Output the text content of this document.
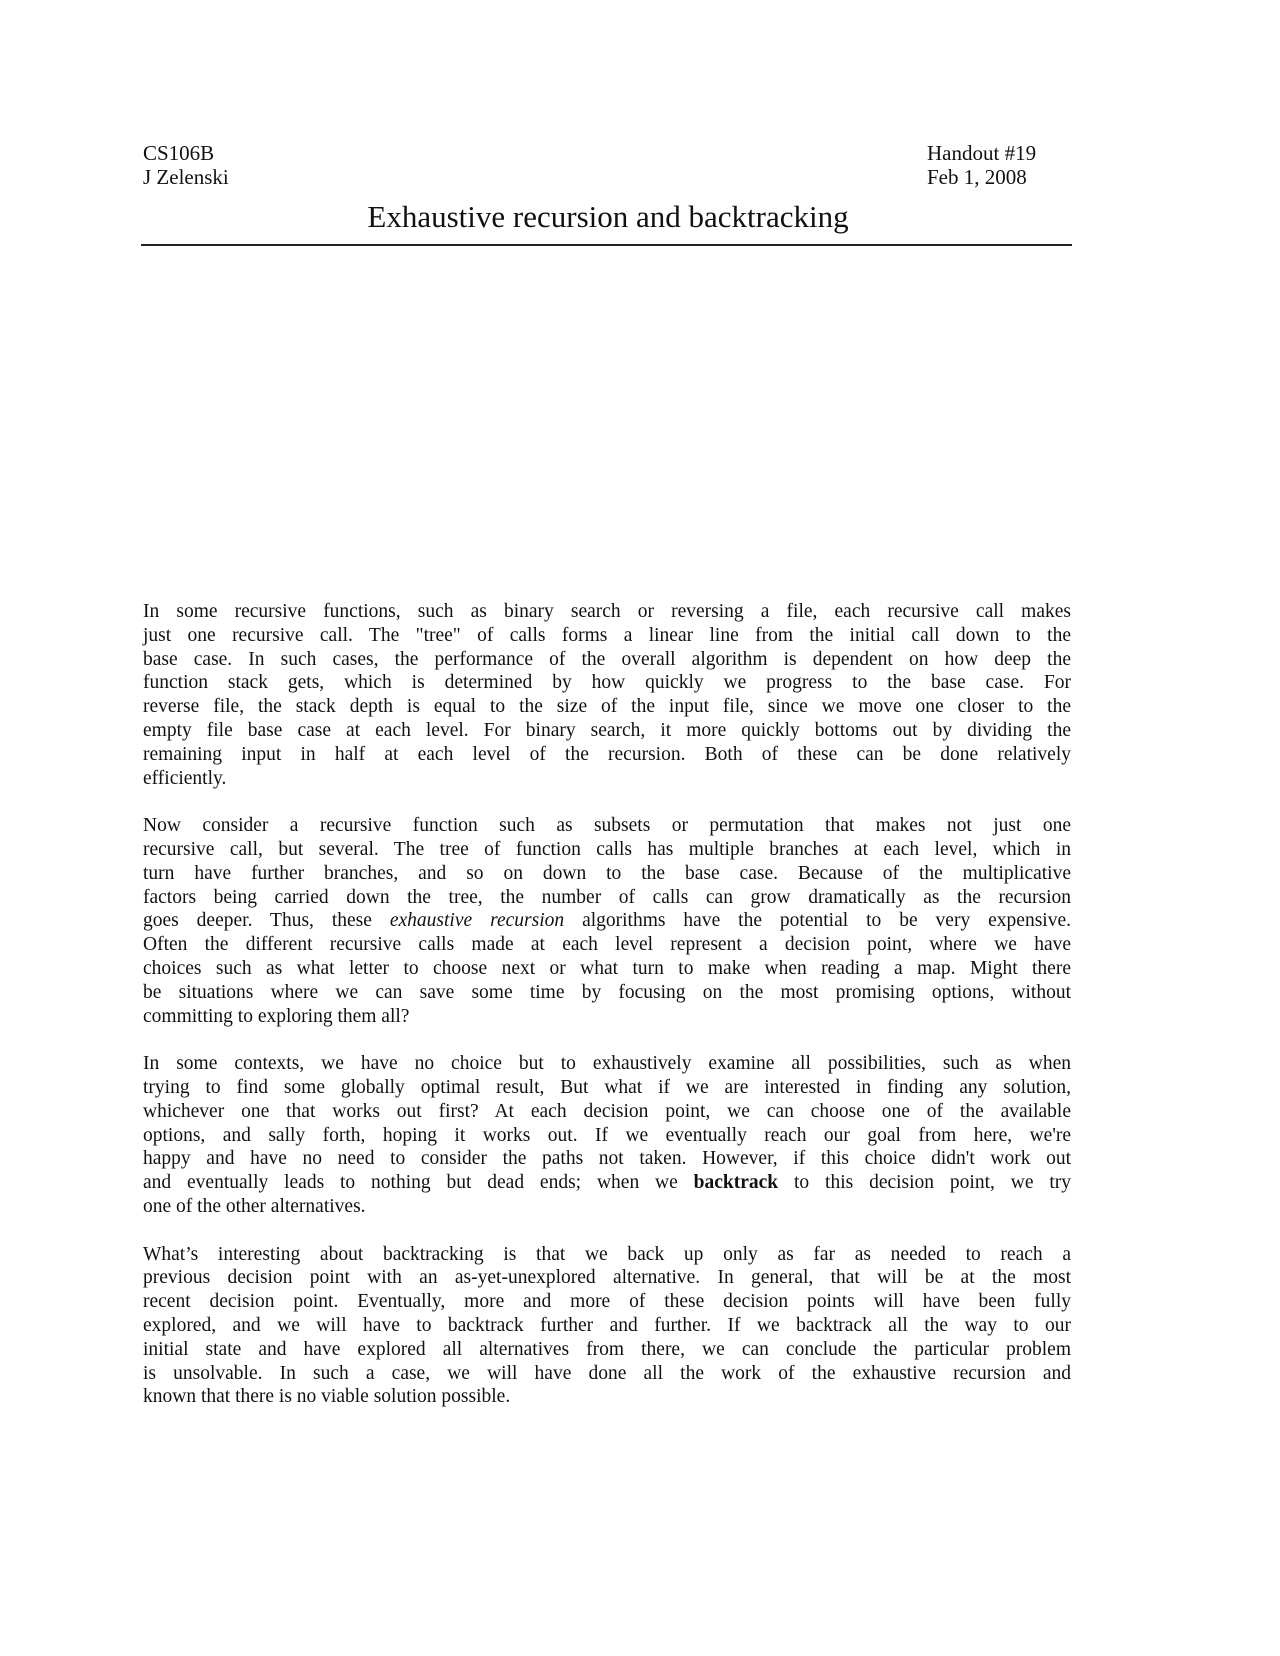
CS106B
J Zelenski
Handout #19
Feb 1, 2008
Exhaustive recursion and backtracking
In some recursive functions, such as binary search or reversing a file, each recursive call makes
just one recursive call. The "tree" of calls forms a linear line from the initial call down to the
base case. In such cases, the performance of the overall algorithm is dependent on how deep the
function stack gets, which is determined by how quickly we progress to the base case. For
reverse file, the stack depth is equal to the size of the input file, since we move one closer to the
empty file base case at each level. For binary search, it more quickly bottoms out by dividing the
remaining input in half at each level of the recursion. Both of these can be done relatively
efficiently.
Now consider a recursive function such as subsets or permutation that makes not just one
recursive call, but several. The tree of function calls has multiple branches at each level, which in
turn have further branches, and so on down to the base case. Because of the multiplicative
factors being carried down the tree, the number of calls can grow dramatically as the recursion
goes deeper. Thus, these exhaustive recursion algorithms have the potential to be very expensive.
Often the different recursive calls made at each level represent a decision point, where we have
choices such as what letter to choose next or what turn to make when reading a map. Might there
be situations where we can save some time by focusing on the most promising options, without
committing to exploring them all?
In some contexts, we have no choice but to exhaustively examine all possibilities, such as when
trying to find some globally optimal result, But what if we are interested in finding any solution,
whichever one that works out first? At each decision point, we can choose one of the available
options, and sally forth, hoping it works out. If we eventually reach our goal from here, we're
happy and have no need to consider the paths not taken. However, if this choice didn't work out
and eventually leads to nothing but dead ends; when we backtrack to this decision point, we try
one of the other alternatives.
What’s interesting about backtracking is that we back up only as far as needed to reach a
previous decision point with an as-yet-unexplored alternative. In general, that will be at the most
recent decision point. Eventually, more and more of these decision points will have been fully
explored, and we will have to backtrack further and further. If we backtrack all the way to our
initial state and have explored all alternatives from there, we can conclude the particular problem
is unsolvable. In such a case, we will have done all the work of the exhaustive recursion and
known that there is no viable solution possible.
